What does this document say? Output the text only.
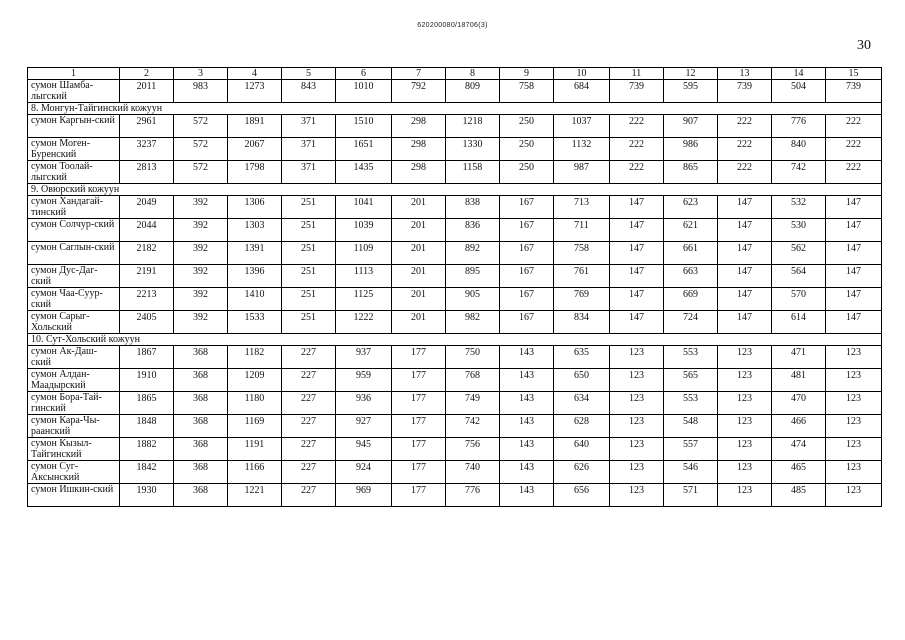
620200080/18706(3)
30
1	2	3	4	5	6	7	8	9	10	11	12	13	14	15
сумон Шамба-лыгский	2011	983	1273	843	1010	792	809	758	684	739	595	739	504	739
8. Монгун-Тайгинский кожуун														
сумон Каргын-ский	2961	572	1891	371	1510	298	1218	250	1037	222	907	222	776	222
сумон Моген-Буренский	3237	572	2067	371	1651	298	1330	250	1132	222	986	222	840	222
сумон Тоолай-лыгский	2813	572	1798	371	1435	298	1158	250	987	222	865	222	742	222
9. Овюрский кожуун														
сумон Хандагай-тинский	2049	392	1306	251	1041	201	838	167	713	147	623	147	532	147
сумон Солчур-ский	2044	392	1303	251	1039	201	836	167	711	147	621	147	530	147
сумон Саглын-ский	2182	392	1391	251	1109	201	892	167	758	147	661	147	562	147
сумон Дус-Даг-ский	2191	392	1396	251	1113	201	895	167	761	147	663	147	564	147
сумон Чаа-Суур-ский	2213	392	1410	251	1125	201	905	167	769	147	669	147	570	147
сумон Сарыг-Хольский	2405	392	1533	251	1222	201	982	167	834	147	724	147	614	147
10. Сут-Хольский кожуун														
сумон Ак-Даш-ский	1867	368	1182	227	937	177	750	143	635	123	553	123	471	123
сумон Алдан-Маадырский	1910	368	1209	227	959	177	768	143	650	123	565	123	481	123
сумон Бора-Тай-гинский	1865	368	1180	227	936	177	749	143	634	123	553	123	470	123
сумон Кара-Чы-раанский	1848	368	1169	227	927	177	742	143	628	123	548	123	466	123
сумон Кызыл-Тайгинский	1882	368	1191	227	945	177	756	143	640	123	557	123	474	123
сумон Суг-Аксынский	1842	368	1166	227	924	177	740	143	626	123	546	123	465	123
сумон Ишкин-ский	1930	368	1221	227	969	177	776	143	656	123	571	123	485	123
